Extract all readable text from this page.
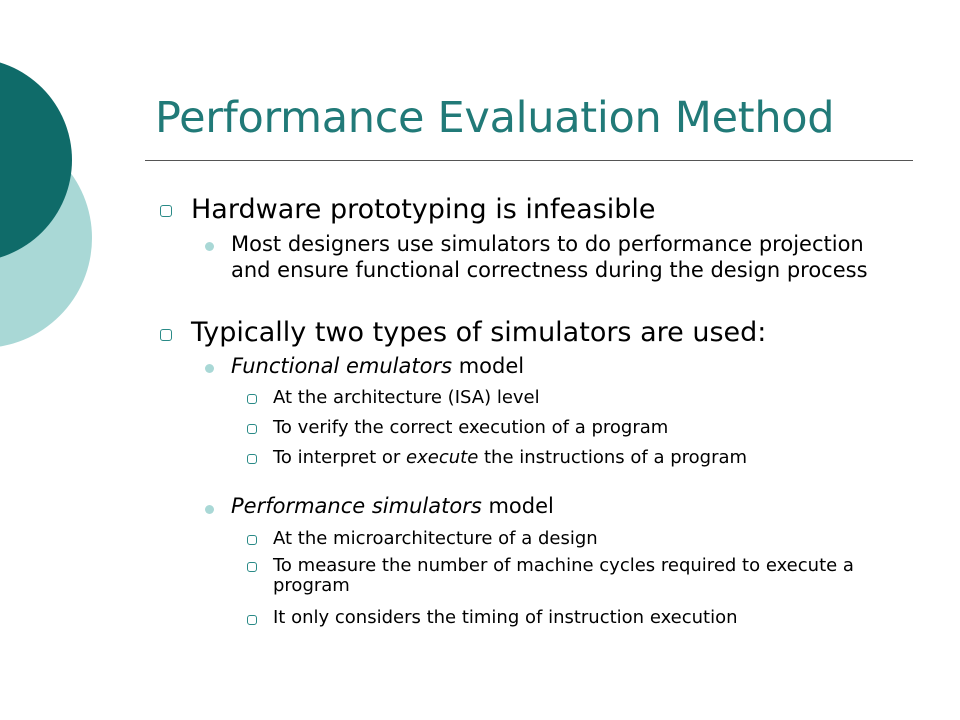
Performance Evaluation Method
Hardware prototyping is infeasible
Most designers use simulators to do performance projection and ensure functional correctness during the design process
Typically two types of simulators are used:
Functional emulators model
At the architecture (ISA) level
To verify the correct execution of a program
To interpret or execute the instructions of a program
Performance simulators model
At the microarchitecture of a design
To measure the number of machine cycles required to execute a program
It only considers the timing of instruction execution
